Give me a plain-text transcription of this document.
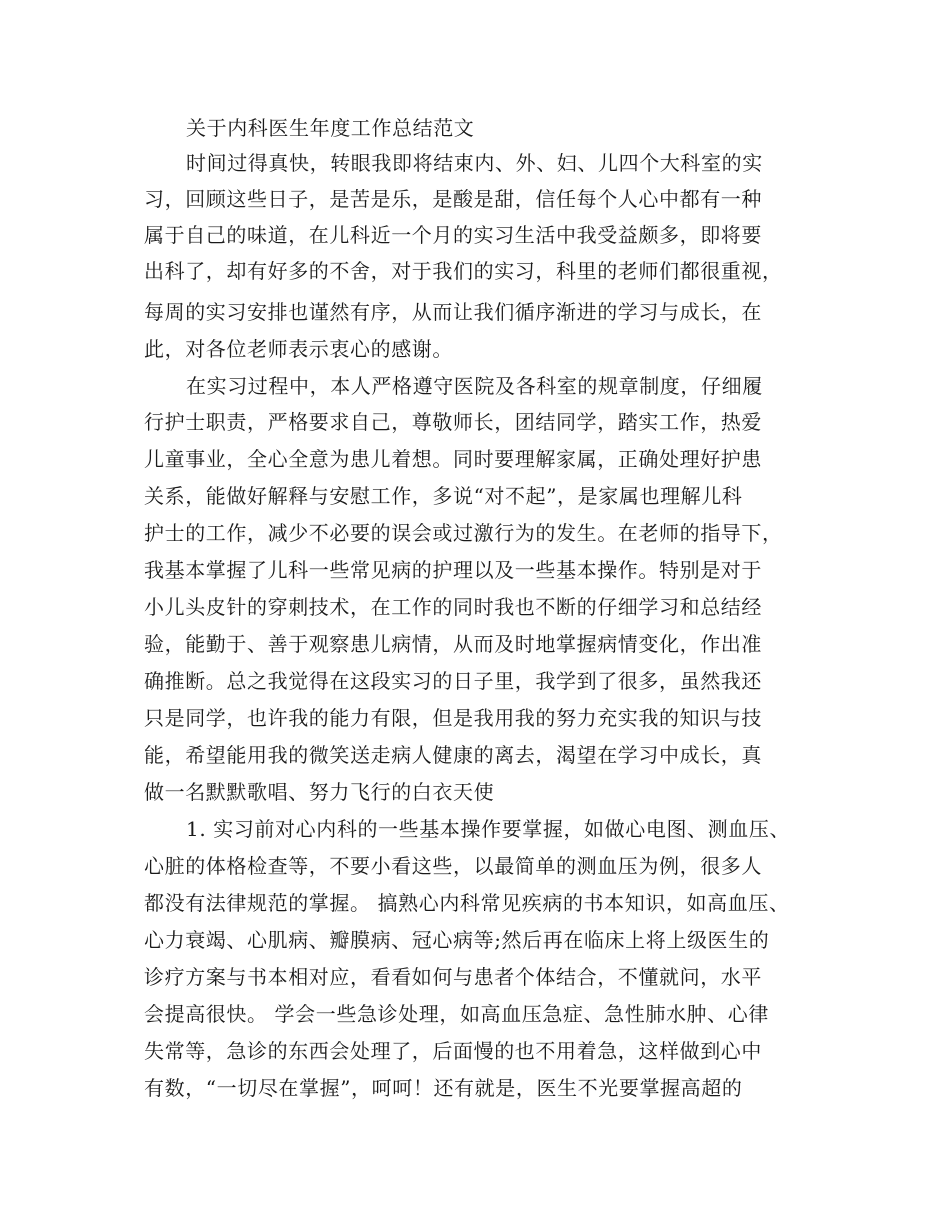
关于内科医生年度工作总结范文
时间过得真快，转眼我即将结束内、外、妇、儿四个大科室的实
习，回顾这些日子，是苦是乐，是酸是甜，信任每个人心中都有一种
属于自己的味道，在儿科近一个月的实习生活中我受益颇多，即将要
出科了，却有好多的不舍，对于我们的实习，科里的老师们都很重视，
每周的实习安排也谨然有序，从而让我们循序渐进的学习与成长，在
此，对各位老师表示衷心的感谢。
在实习过程中，本人严格遵守医院及各科室的规章制度，仔细履
行护士职责，严格要求自己，尊敬师长，团结同学，踏实工作，热爱
儿童事业，全心全意为患儿着想。同时要理解家属，正确处理好护患
关系，能做好解释与安慰工作，多说“对不起”，是家属也理解儿科
护士的工作，减少不必要的误会或过激行为的发生。在老师的指导下，
我基本掌握了儿科一些常见病的护理以及一些基本操作。特别是对于
小儿头皮针的穿刺技术，在工作的同时我也不断的仔细学习和总结经
验，能勤于、善于观察患儿病情，从而及时地掌握病情变化，作出准
确推断。总之我觉得在这段实习的日子里，我学到了很多，虽然我还
只是同学，也许我的能力有限，但是我用我的努力充实我的知识与技
能，希望能用我的微笑送走病人健康的离去，渴望在学习中成长，真
做一名默默歌唱、努力飞行的白衣天使
1. 实习前对心内科的一些基本操作要掌握，如做心电图、测血压、
心脏的体格检查等，不要小看这些，以最简单的测血压为例，很多人
都没有法律规范的掌握。 搞熟心内科常见疾病的书本知识，如高血压、
心力衰竭、心肌病、瓣膜病、冠心病等;然后再在临床上将上级医生的
诊疗方案与书本相对应，看看如何与患者个体结合，不懂就问，水平
会提高很快。 学会一些急诊处理，如高血压急症、急性肺水肿、心律
失常等，急诊的东西会处理了，后面慢的也不用着急，这样做到心中
有数，“一切尽在掌握”，呵呵！还有就是，医生不光要掌握高超的
